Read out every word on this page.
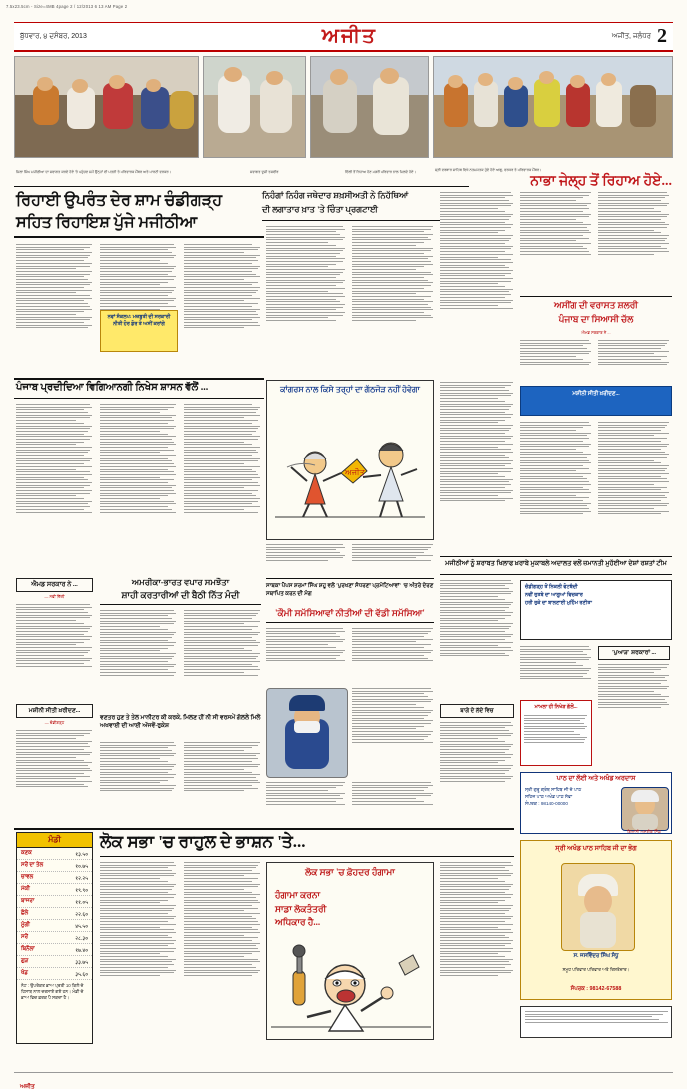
7.5x23.5cm - Size=4MB 4page 2 / 12/2013 6 13 AM Page 2
ਬੁੱਧਵਾਰ, ੪ ਦਸੰਬਰ, 2013	ਅਜੀਤ	ਅਜੀਤ, ਜਲੰਧਰ 2
ਜਿਲਾ ਸਿੰਘ ਮਜੀਠੀਆ ਦਾ ਸਵਾਗਤ ਕਰਦੇ ਹੋਏ 'ਤੇ ਪਹੁੰਚਣ ਸਮੇਂ ਉਨ੍ਹਾਂ ਦੀ ਪਤਨੀ ਤੇ ਪਰਿਵਾਰਕ ਮੈਂਬਰ ਅਤੇ ਪਾਰਟੀ ਵਰਕਰ।	ਸਵਾਗਤ ਦੂਜੀ ਤਸਵੀਰ	ਦਿੱਲੀ ਤੋਂ ਰਿਹਾਅ ਹੋਣ ਮਗਰੋਂ ਪਰਿਵਾਰ ਨਾਲ ਮਿਲਦੇ ਹੋਏ।	ਸ੍ਰੀ ਦਰਬਾਰ ਸਾਹਿਬ ਵਿਖੇ ਨਤਮਸਤਕ ਹੁੰਦੇ ਹੋਏ ਆਗੂ, ਵਰਕਰ ਤੇ ਪਰਿਵਾਰਕ ਮੈਂਬਰ।
ਨਾਭਾ ਜੇਲ੍ਹ ਤੋਂ ਰਿਹਾਅ ਹੋਏ...
ਰਿਹਾਈ ਉਪਰੰਤ ਦੇਰ ਸ਼ਾਮ ਚੰਡੀਗੜ੍ਹ
ਸਹਿਤ ਰਿਹਾਇਸ਼ ਪੁੱਜੇ ਮਜੀਠੀਆ
ਨਿਹੰਗਾਂ ਨਿਹੰਗ ਜਥੇਦਾਰ ਸ਼ਖ਼ਸੀਅਤੀ ਨੇ ਨਿਹੱਥਿਆਂ
ਦੀ ਲਗਾਤਾਰ ਖ਼ਾਤ 'ਤੇ ਚਿੰਤਾ ਪ੍ਰਗਟਾਈ
ਨਵਾਂ ਸੰਕਲਪ: ਮਜ਼ਬੂਤੀ ਦੀ ਸਰਕਾਰੀ ਨੀਤੀ ਹੋਰ ਡੋਰ ਤੇ ਅਸੀਂ ਕਰਾਂਗੇ
ਅਸੀਂਗ ਦੀ ਵਰਾਸਤ ਸ਼ਲਰੀ
ਪੰਜਾਬ ਦਾ ਸਿਆਸੀ ਚੱਲ
ਐਮਡ ਸਰਕਾਰ ਨੇ ...
ਪੰਜਾਬ ਪ੍ਰਦੀਦਿਆ ਵਿਗਿਆਨਗੀ ਨਿਖੇਸ ਸ਼ਾਸਨ ਵੱਲੋਂ ...	ਕਾਂਗਰਸ ਨਾਲ ਕਿਸੇ ਤਰ੍ਹਾਂ ਦਾ ਗੱਠਜੋੜ ਨਹੀਂ ਹੋਵੇਗਾ
ਅਜੀਤ
ਮਸ਼ੀਨੀ ਸੀਤੀ ਖ਼ਰੀਦਣ...
ਮਜੀਠੀਆਂ ਨੂੰ ਸ਼ਰਾਬਤ ਖਿਲਾਫ ਖ਼ਰਾਬੇ ਮੁਕਾਬਲੇ ਅਦਾਲਤ ਵਲੋਂ ਜ਼ਮਾਨਤੀ ਮੁਹੱਈਆ ਦੇਸ਼ਾਂ ਰਸ਼ਤਾਂ ਟੀਮ
ਐਮਡ ਸਰਕਾਰ ਨੇ ...
— ਨਵੀਂ ਦਿੱਲੀ
ਮਸ਼ੀਨੀ ਸੀਤੀ ਖ਼ਰੀਦਣ...
— ਚੰਡੀਗੜ੍ਹ
ਅਮਰੀਕਾ-ਭਾਰਤ ਵਪਾਰ ਸਮਝੌਤਾ
ਸ਼ਾਹੀ ਕਰਤਾਰੀਆਂ ਦੀ ਬੈਠੀ ਨਿੱਤ ਮੰਦੀ
ਵਣਤਰ ਹੁਣ ਤੇ ਤੇਲ ਮਾਨੀਟਰ ਕੀ ਕਰਕੇ, ਮਿਲਣ ਹੀਂ ਨੀ ਸੀ ਵਰਸਮੇਂ ਗੱਲਲੇ ਮਿਲੋ ਅਖਵਾਈ ਦੀ ਆਈ ਅੱਜਵੋਂ-ਰੁਕੇਸ਼
ਸਾਬਕਾ ਪੈਪਸ ਸ਼ਰਮਾਂ ਸਿੰਘ ਸ਼ਹੂ ਵਲੋਂ 'ਪੁਰਖਣਾ ਸੰਧਰਣਾ ਪ੍ਰਮੋਟਿਆਵਾਂ' 'ਚ ਅੰਤਰੇ ਦੇਰਣ ਸਥਾਪਿਤ ਕਰਨ ਦੀ ਮੰਗ
'ਕੌਮੀ ਸਮੱਸਿਆਵਾਂ ਨੀਤੀਆਂ ਦੀ ਵੱਡੀ ਸਮੱਸਿਆ'
ਚੰਡੀਗੜ੍ਹ ਤੋਂ ਨਿਕਲੀ ਵੋਟਬੰਦੀ
ਨਵੀਂ ਰੁਤਬੇ ਦਾ ਆਗੂਆਂ ਵਿਚਕਾਰ
ਹਰੀ ਰੁਕੇ ਦਾ ਬਾਲਣਾਈ ਮੁਹਿੰਮ ਰਣੀਤਾ
'ਪੁਆੜ' ਸ਼ਰਕਾਰਾਂ ...
ਬਾਗੇ ਦੇ ਲੱਦੇ ਵਿਚ	ਮਾਮਲਾ ਹੀ ਨਿਖੇੜ ਗੱਲੋਂ...
ਪਾਠ ਦਾ ਲੱਈ ਅਤੇ ਅਖੰਡ ਅਰਦਾਸ
ਸ੍ਰੀ ਗੁਰੂ ਗ੍ਰੰਥ ਸਾਹਿਬ ਜੀ ਦੇ ਪਾਠ
ਸਹਿਜ ਪਾਠ ਅਖੰਡ ਪਾਠ ਸੇਵਾ
ਸੰਪਰਕ : 98140-00000
ਗਿਆਨੀ ਅਮਰੀਕ ਸਿੰਘ
ਸ੍ਰੀ ਅਖੰਡ ਪਾਠ ਸਾਹਿਬ ਜੀ ਦਾ ਭੋਗ
ਸ. ਜਸਵਿੰਦਰ ਸਿੰਘ ਸੰਧੂ
ਸਮੂਹ ਪਰਿਵਾਰ ਪਰਿਵਾਰ ਅਤੇ ਰਿਸ਼ਤੇਦਾਰ।
ਸੰਪਰਕ : 98142-67588
ਲੋਕ ਸਭਾ 'ਚ ਰਾਹੁਲ ਦੇ ਭਾਸ਼ਨ 'ਤੇ...
ਮੰਡੀ
ਕਣਕ	१३.५०
ਸਰੋਂ ਦਾ ਤੇਲ	१०.७५
ਚਾਵਲ	१२.२५
ਮੱਕੀ	१९.९०
ਬਾਜਰਾ	११.०५
ਛੋਲੇ	२२.६०
ਮੂੰਗੀ	४५.५०
ਸਰੋਂ	२८.३०
ਬਿਨੌਲਾ	१७.४०
ਗੁੜ	३३.७५
ਖੰਡ	३५.६०
ਨੋਟ : ਉਪਰੋਕਤ ਭਾਅ ਪ੍ਰਤੀ 10 ਕਿਲੋ ਦੇ ਹਿਸਾਬ ਨਾਲ ਦਰਸਾਏ ਗਏ ਹਨ। ਮੰਡੀ ਦੇ ਭਾਅ ਵਿਚ ਫ਼ਰਕ ਪੈ ਸਕਦਾ ਹੈ।
ਲੋਕ ਸਭਾ 'ਚ ਫ਼ੋਹਦਰ ਹੰਗਾਮਾ
ਹੰਗਾਮਾ ਕਰਨਾ
ਸਾਡਾ ਲੋਕਤੰਤਰੀ
ਅਧਿਕਾਰ ਹੈ...
ਅਜੀਤ
